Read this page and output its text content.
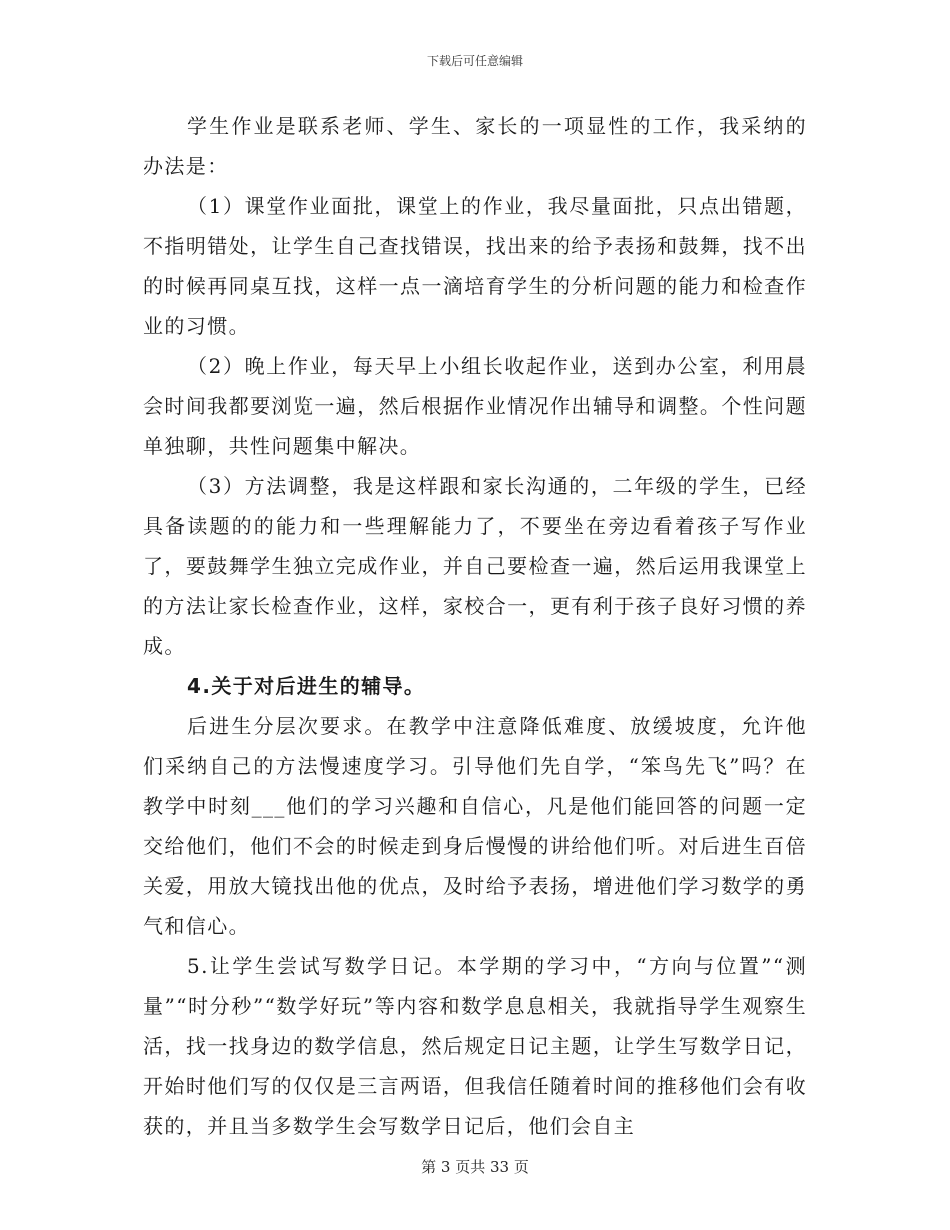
下载后可任意编辑

学生作业是联系老师、学生、家长的一项显性的工作，我采纳的办法是：

（1）课堂作业面批，课堂上的作业，我尽量面批，只点出错题，不指明错处，让学生自己查找错误，找出来的给予表扬和鼓舞，找不出的时候再同桌互找，这样一点一滴培育学生的分析问题的能力和检查作业的习惯。

（2）晚上作业，每天早上小组长收起作业，送到办公室，利用晨会时间我都要浏览一遍，然后根据作业情况作出辅导和调整。个性问题单独聊，共性问题集中解决。

（3）方法调整，我是这样跟和家长沟通的，二年级的学生，已经具备读题的的能力和一些理解能力了，不要坐在旁边看着孩子写作业了，要鼓舞学生独立完成作业，并自己要检查一遍，然后运用我课堂上的方法让家长检查作业，这样，家校合一，更有利于孩子良好习惯的养成。

4.关于对后进生的辅导。

后进生分层次要求。在教学中注意降低难度、放缓坡度，允许他们采纳自己的方法慢速度学习。引导他们先自学，“笨鸟先飞”吗？在教学中时刻___他们的学习兴趣和自信心，凡是他们能回答的问题一定交给他们，他们不会的时候走到身后慢慢的讲给他们听。对后进生百倍关爱，用放大镜找出他的优点，及时给予表扬，增进他们学习数学的勇气和信心。

5.让学生尝试写数学日记。本学期的学习中，“方向与位置”“测量”“时分秒”“数学好玩”等内容和数学息息相关，我就指导学生观察生活，找一找身边的数学信息，然后规定日记主题，让学生写数学日记，开始时他们写的仅仅是三言两语，但我信任随着时间的推移他们会有收获的，并且当多数学生会写数学日记后，他们会自主

第 3 页共 33 页
